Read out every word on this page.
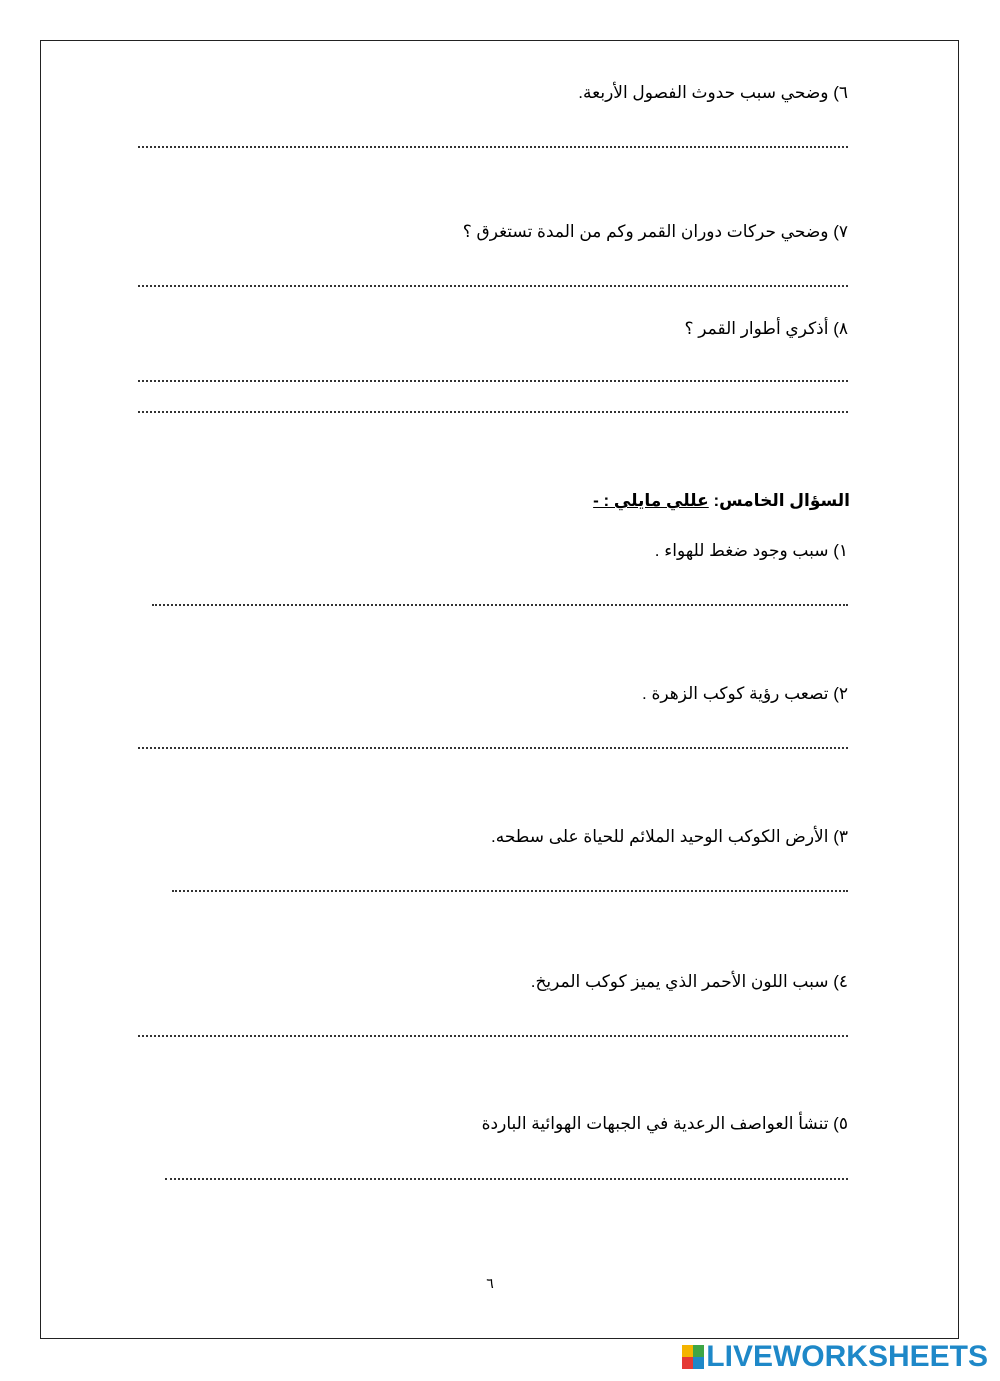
٦) وضحي سبب حدوث الفصول الأربعة.
٧) وضحي حركات دوران القمر وكم من المدة تستغرق ؟
٨) أذكري أطوار القمر ؟
السؤال الخامس: عللي مايلي : -
١) سبب وجود ضغط للهواء .
٢) تصعب رؤية كوكب الزهرة .
٣) الأرض الكوكب الوحيد الملائم للحياة على سطحه.
٤) سبب اللون الأحمر الذي يميز كوكب المريخ.
٥) تنشأ العواصف الرعدية في الجبهات الهوائية الباردة
٦
LIVEWORKSHEETS
